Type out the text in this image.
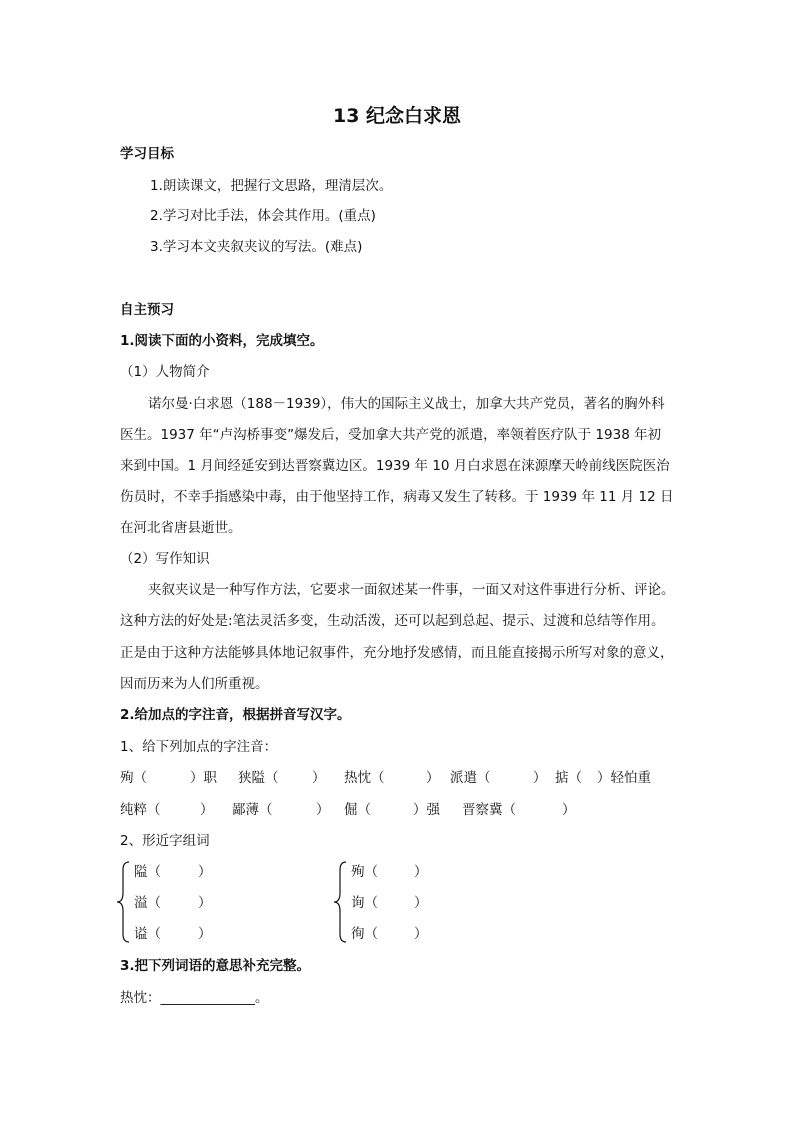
13 纪念白求恩
学习目标
1.朗读课文，把握行文思路，理清层次。
2.学习对比手法，体会其作用。(重点)
3.学习本文夹叙夹议的写法。(难点)
自主预习
1.阅读下面的小资料，完成填空。
（1）人物简介
诺尔曼·白求恩（188－1939），伟大的国际主义战士，加拿大共产党员，著名的胸外科
医生。1937 年“卢沟桥事变”爆发后，受加拿大共产党的派遣，率领着医疗队于 1938 年初
来到中国。1 月间经延安到达晋察冀边区。1939 年 10 月白求恩在涞源摩天岭前线医院医治
伤员时，不幸手指感染中毒，由于他坚持工作，病毒又发生了转移。于 1939 年 11 月 12 日
在河北省唐县逝世。
（2）写作知识
夹叙夹议是一种写作方法，它要求一面叙述某一件事，一面又对这件事进行分析、评论。
这种方法的好处是:笔法灵活多变，生动活泼，还可以起到总起、提示、过渡和总结等作用。
正是由于这种方法能够具体地记叙事件，充分地抒发感情，而且能直接揭示所写对象的意义，
因而历来为人们所重视。
2.给加点的字注音，根据拼音写汉字。
1、给下列加点的字注音：
殉（	）职 狭隘（ ） 热忱（	） 派遣（	） 掂（ ）轻怕重
纯粹（	） 鄙薄（	） 倔（	）强 晋察冀（	）
2、形近字组词
隘（	）
溢（	）
谥（	）
殉（	）
询（	）
徇（	）
3.把下列词语的意思补充完整。
热忱：______________。
